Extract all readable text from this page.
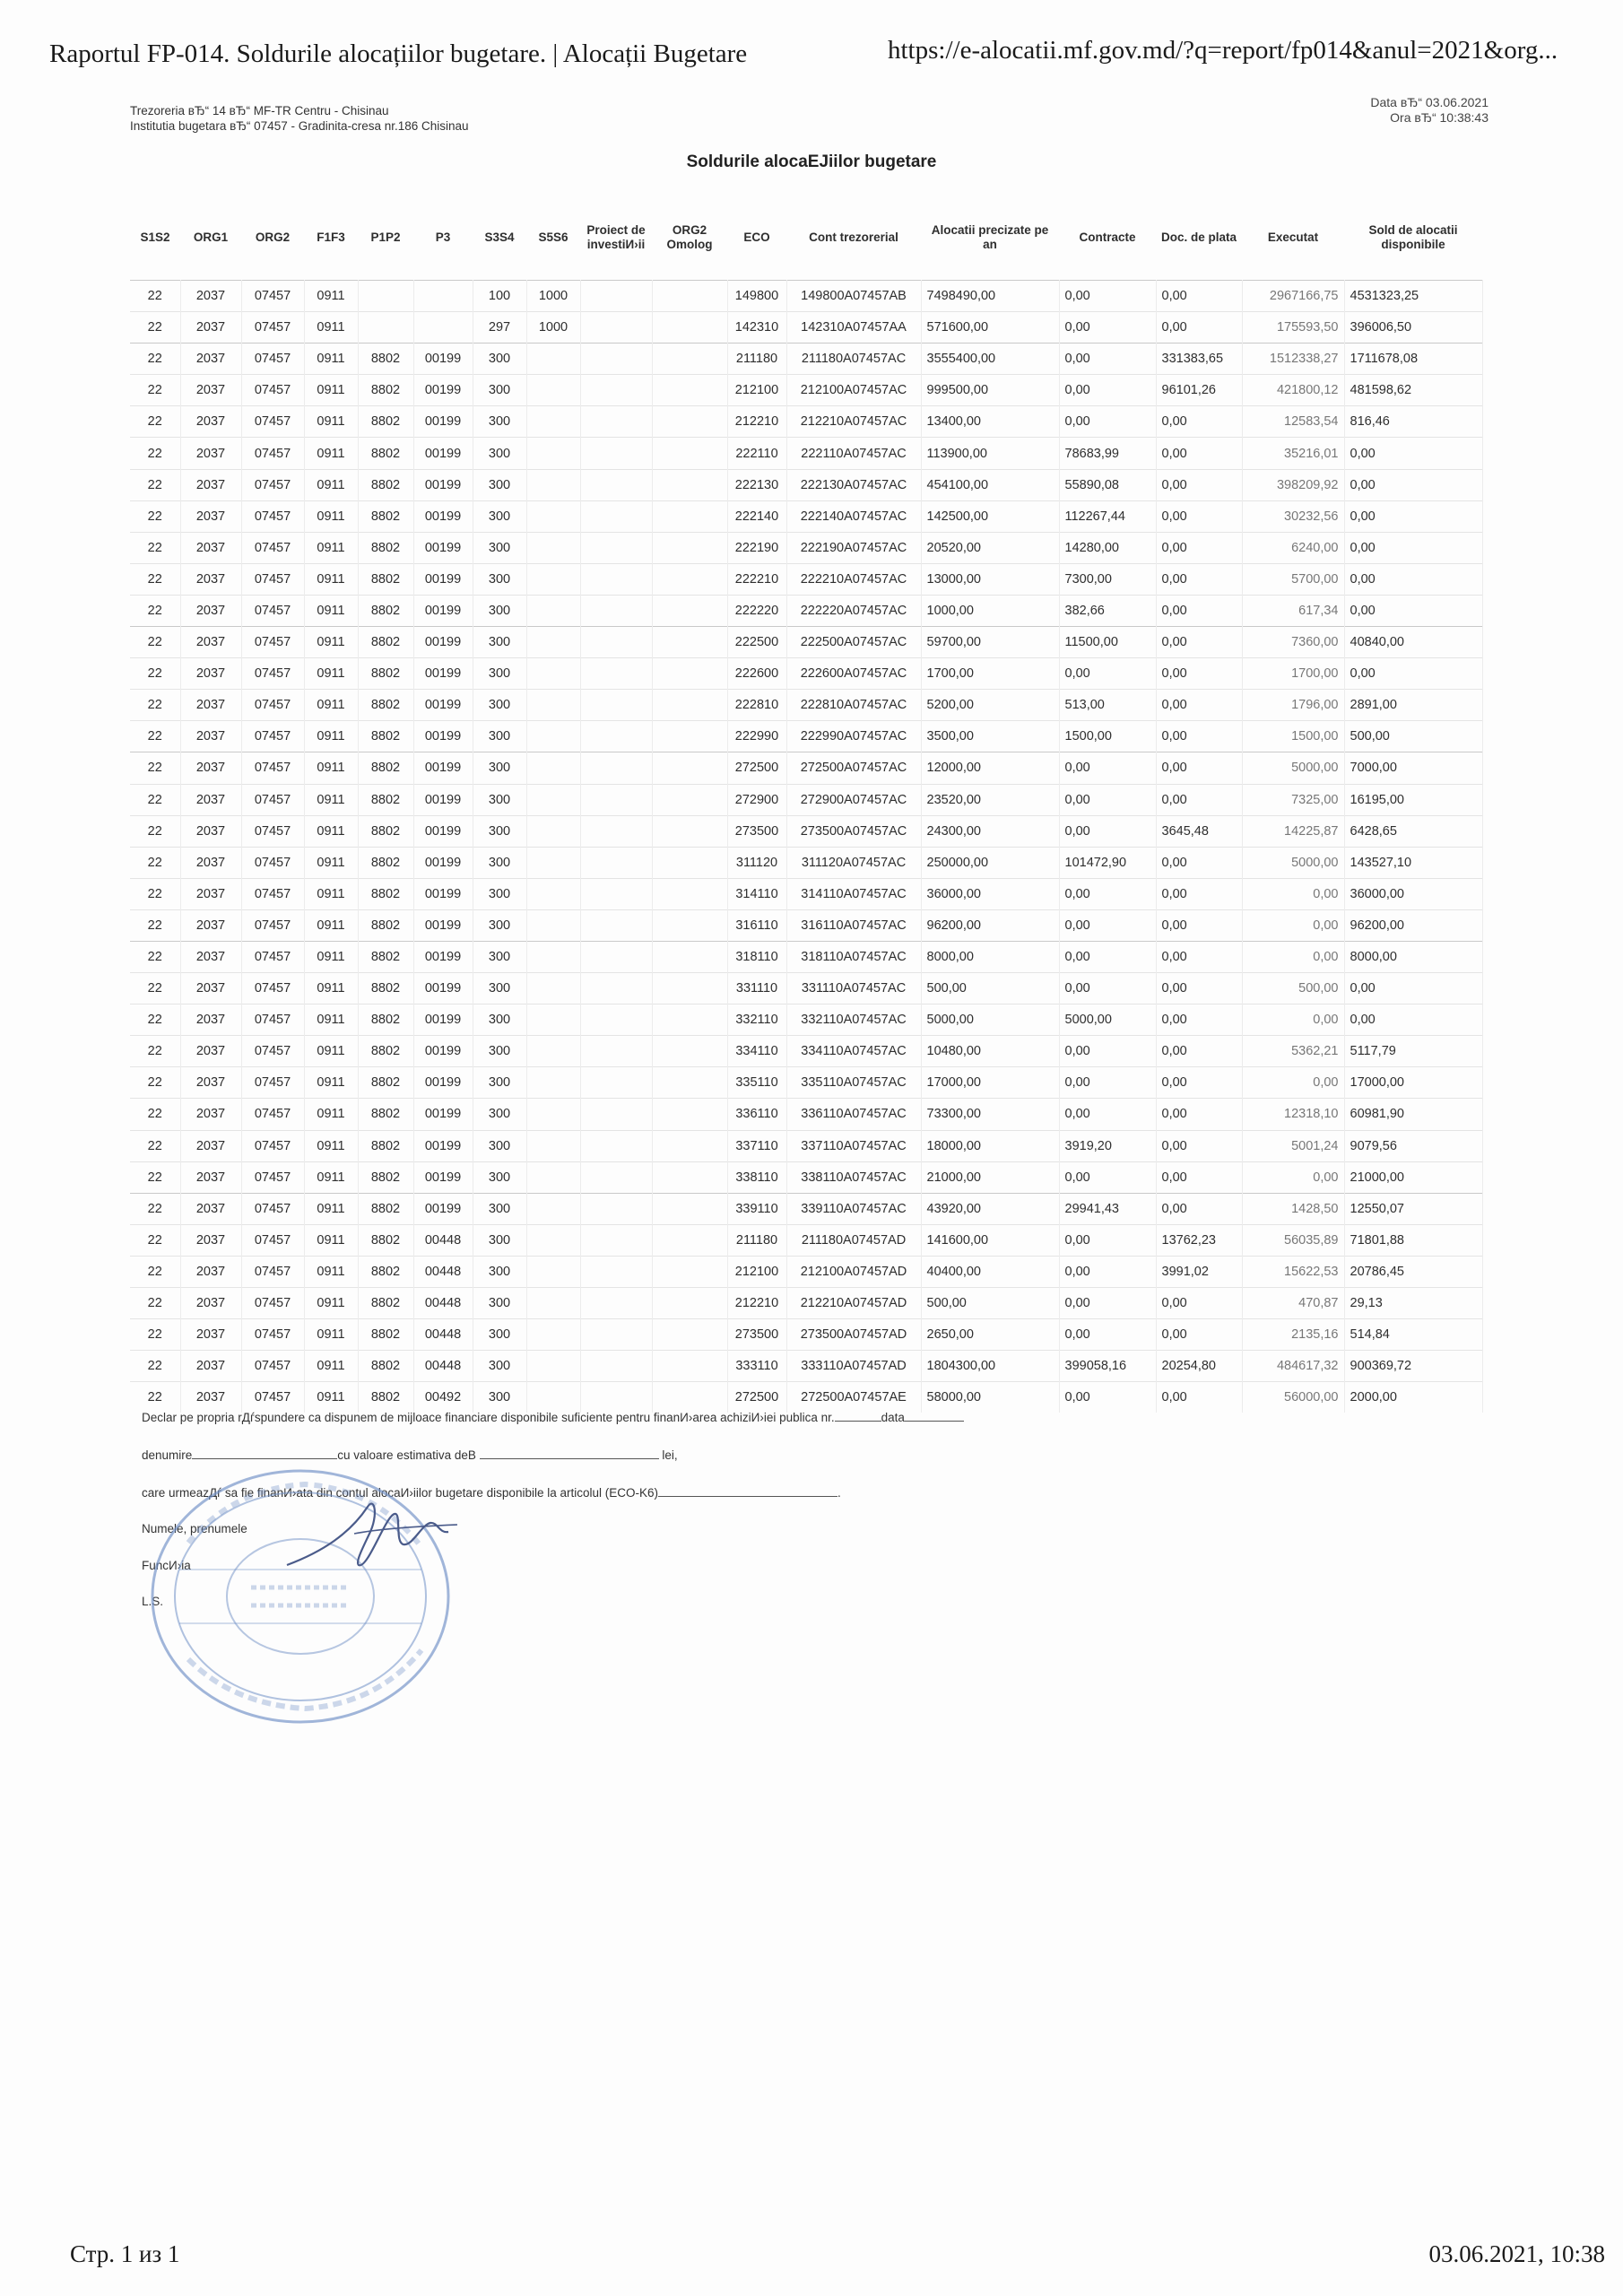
Raportul FP-014. Soldurile alocațiilor bugetare. | Alocații Bugetare	https://e-alocatii.mf.gov.md/?q=report/fp014&anul=2021&org...
Trezoreria вЂ“ 14 вЂ“ MF-TR Centru - Chisinau
Institutia bugetara вЂ“ 07457 - Gradinita-cresa nr.186 Chisinau
Data вЂ“ 03.06.2021
Ora вЂ“ 10:38:43
Soldurile alocaEJiilor bugetare
S1S2	ORG1	ORG2	F1F3	P1P2	P3	S3S4	S5S6	Proiect de investiИ›ii	ORG2 Omolog	ECO	Cont trezorerial	Alocatii precizate pe an	Contracte	Doc. de plata	Executat	Sold de alocatii disponibile
22	2037	07457	0911			100	1000			149800	149800A07457AB	7498490,00	0,00	0,00	2967166,75	4531323,25
22	2037	07457	0911			297	1000			142310	142310A07457AA	571600,00	0,00	0,00	175593,50	396006,50
22	2037	07457	0911	8802	00199	300				211180	211180A07457AC	3555400,00	0,00	331383,65	1512338,27	1711678,08
22	2037	07457	0911	8802	00199	300				212100	212100A07457AC	999500,00	0,00	96101,26	421800,12	481598,62
22	2037	07457	0911	8802	00199	300				212210	212210A07457AC	13400,00	0,00	0,00	12583,54	816,46
22	2037	07457	0911	8802	00199	300				222110	222110A07457AC	113900,00	78683,99	0,00	35216,01	0,00
22	2037	07457	0911	8802	00199	300				222130	222130A07457AC	454100,00	55890,08	0,00	398209,92	0,00
22	2037	07457	0911	8802	00199	300				222140	222140A07457AC	142500,00	112267,44	0,00	30232,56	0,00
22	2037	07457	0911	8802	00199	300				222190	222190A07457AC	20520,00	14280,00	0,00	6240,00	0,00
22	2037	07457	0911	8802	00199	300				222210	222210A07457AC	13000,00	7300,00	0,00	5700,00	0,00
22	2037	07457	0911	8802	00199	300				222220	222220A07457AC	1000,00	382,66	0,00	617,34	0,00
22	2037	07457	0911	8802	00199	300				222500	222500A07457AC	59700,00	11500,00	0,00	7360,00	40840,00
22	2037	07457	0911	8802	00199	300				222600	222600A07457AC	1700,00	0,00	0,00	1700,00	0,00
22	2037	07457	0911	8802	00199	300				222810	222810A07457AC	5200,00	513,00	0,00	1796,00	2891,00
22	2037	07457	0911	8802	00199	300				222990	222990A07457AC	3500,00	1500,00	0,00	1500,00	500,00
22	2037	07457	0911	8802	00199	300				272500	272500A07457AC	12000,00	0,00	0,00	5000,00	7000,00
22	2037	07457	0911	8802	00199	300				272900	272900A07457AC	23520,00	0,00	0,00	7325,00	16195,00
22	2037	07457	0911	8802	00199	300				273500	273500A07457AC	24300,00	0,00	3645,48	14225,87	6428,65
22	2037	07457	0911	8802	00199	300				311120	311120A07457AC	250000,00	101472,90	0,00	5000,00	143527,10
22	2037	07457	0911	8802	00199	300				314110	314110A07457AC	36000,00	0,00	0,00	0,00	36000,00
22	2037	07457	0911	8802	00199	300				316110	316110A07457AC	96200,00	0,00	0,00	0,00	96200,00
22	2037	07457	0911	8802	00199	300				318110	318110A07457AC	8000,00	0,00	0,00	0,00	8000,00
22	2037	07457	0911	8802	00199	300				331110	331110A07457AC	500,00	0,00	0,00	500,00	0,00
22	2037	07457	0911	8802	00199	300				332110	332110A07457AC	5000,00	5000,00	0,00	0,00	0,00
22	2037	07457	0911	8802	00199	300				334110	334110A07457AC	10480,00	0,00	0,00	5362,21	5117,79
22	2037	07457	0911	8802	00199	300				335110	335110A07457AC	17000,00	0,00	0,00	0,00	17000,00
22	2037	07457	0911	8802	00199	300				336110	336110A07457AC	73300,00	0,00	0,00	12318,10	60981,90
22	2037	07457	0911	8802	00199	300				337110	337110A07457AC	18000,00	3919,20	0,00	5001,24	9079,56
22	2037	07457	0911	8802	00199	300				338110	338110A07457AC	21000,00	0,00	0,00	0,00	21000,00
22	2037	07457	0911	8802	00199	300				339110	339110A07457AC	43920,00	29941,43	0,00	1428,50	12550,07
22	2037	07457	0911	8802	00448	300				211180	211180A07457AD	141600,00	0,00	13762,23	56035,89	71801,88
22	2037	07457	0911	8802	00448	300				212100	212100A07457AD	40400,00	0,00	3991,02	15622,53	20786,45
22	2037	07457	0911	8802	00448	300				212210	212210A07457AD	500,00	0,00	0,00	470,87	29,13
22	2037	07457	0911	8802	00448	300				273500	273500A07457AD	2650,00	0,00	0,00	2135,16	514,84
22	2037	07457	0911	8802	00448	300				333110	333110A07457AD	1804300,00	399058,16	20254,80	484617,32	900369,72
22	2037	07457	0911	8802	00492	300				272500	272500A07457AE	58000,00	0,00	0,00	56000,00	2000,00
Declar pe propria rДѓspundere ca dispunem de mijloace financiare disponibile suficiente pentru finanИ›area achiziИ›iei publica nr.	data
denumire	cu valoare estimativa deB	lei,
care urmeazДѓ sa fie finanИ›ata din contul alocaИ›iilor bugetare disponibile la articolul (ECO-K6)	.
Numele, prenumele
FuncИ›ia
L.S.
Стр. 1 из 1	03.06.2021, 10:38
